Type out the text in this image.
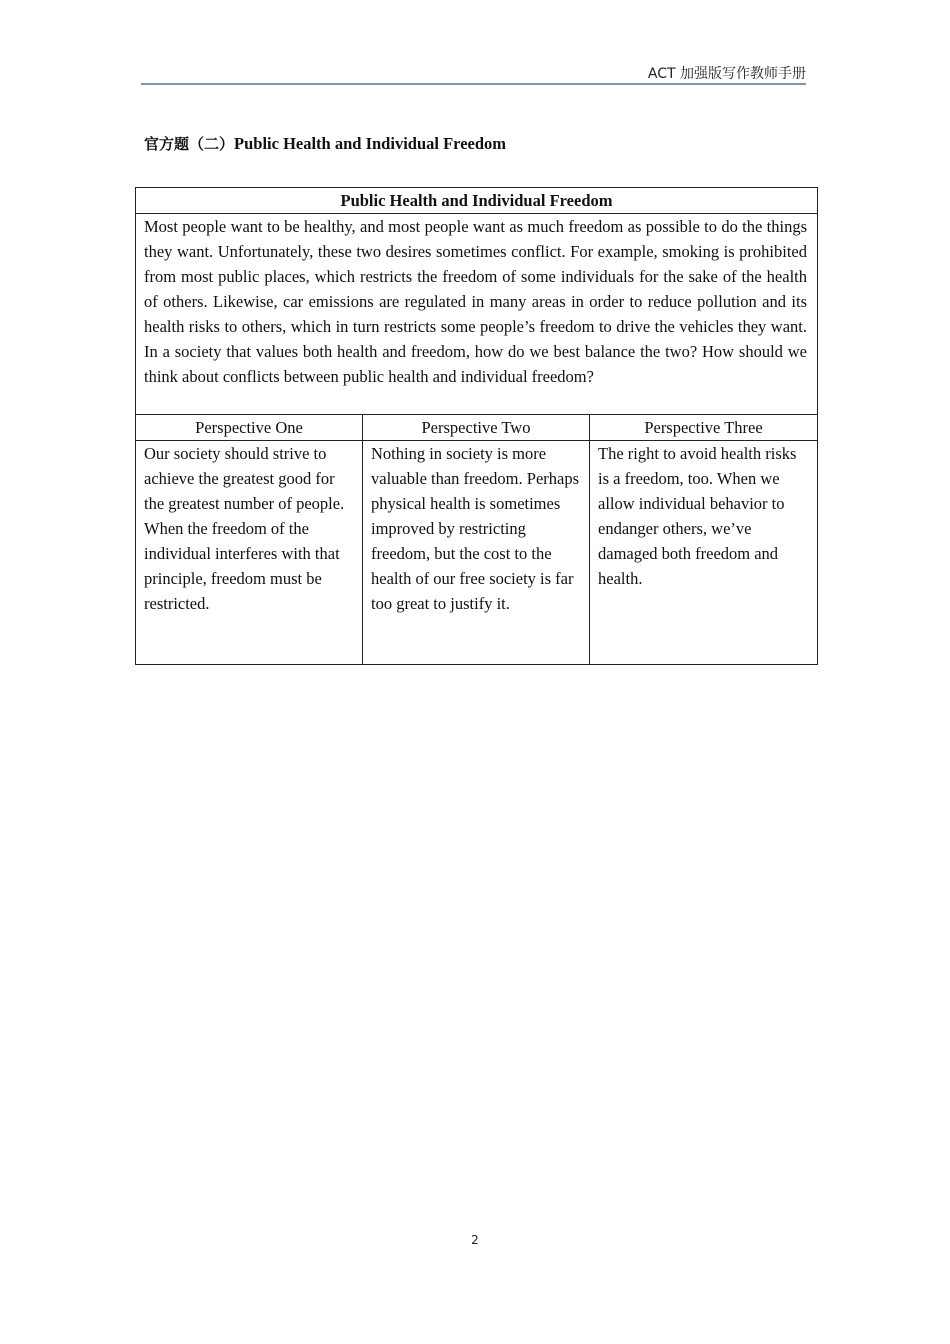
ACT 加强版写作教师手册
官方题（二）Public Health and Individual Freedom
Public Health and Individual Freedom		
Most people want to be healthy, and most people want as much freedom as possible to do the things they want. Unfortunately, these two desires sometimes conflict. For example, smoking is prohibited from most public places, which restricts the freedom of some individuals for the sake of the health of others. Likewise, car emissions are regulated in many areas in order to reduce pollution and its health risks to others, which in turn restricts some people’s freedom to drive the vehicles they want. In a society that values both health and freedom, how do we best balance the two? How should we think about conflicts between public health and individual freedom?		
Perspective One	Perspective Two	Perspective Three
Our society should strive to achieve the greatest good for the greatest number of people. When the freedom of the individual interferes with that principle, freedom must be restricted.	Nothing in society is more valuable than freedom. Perhaps physical health is sometimes improved by restricting freedom, but the cost to the health of our free society is far too great to justify it.	The right to avoid health risks is a freedom, too. When we allow individual behavior to endanger others, we’ve damaged both freedom and health.
2
